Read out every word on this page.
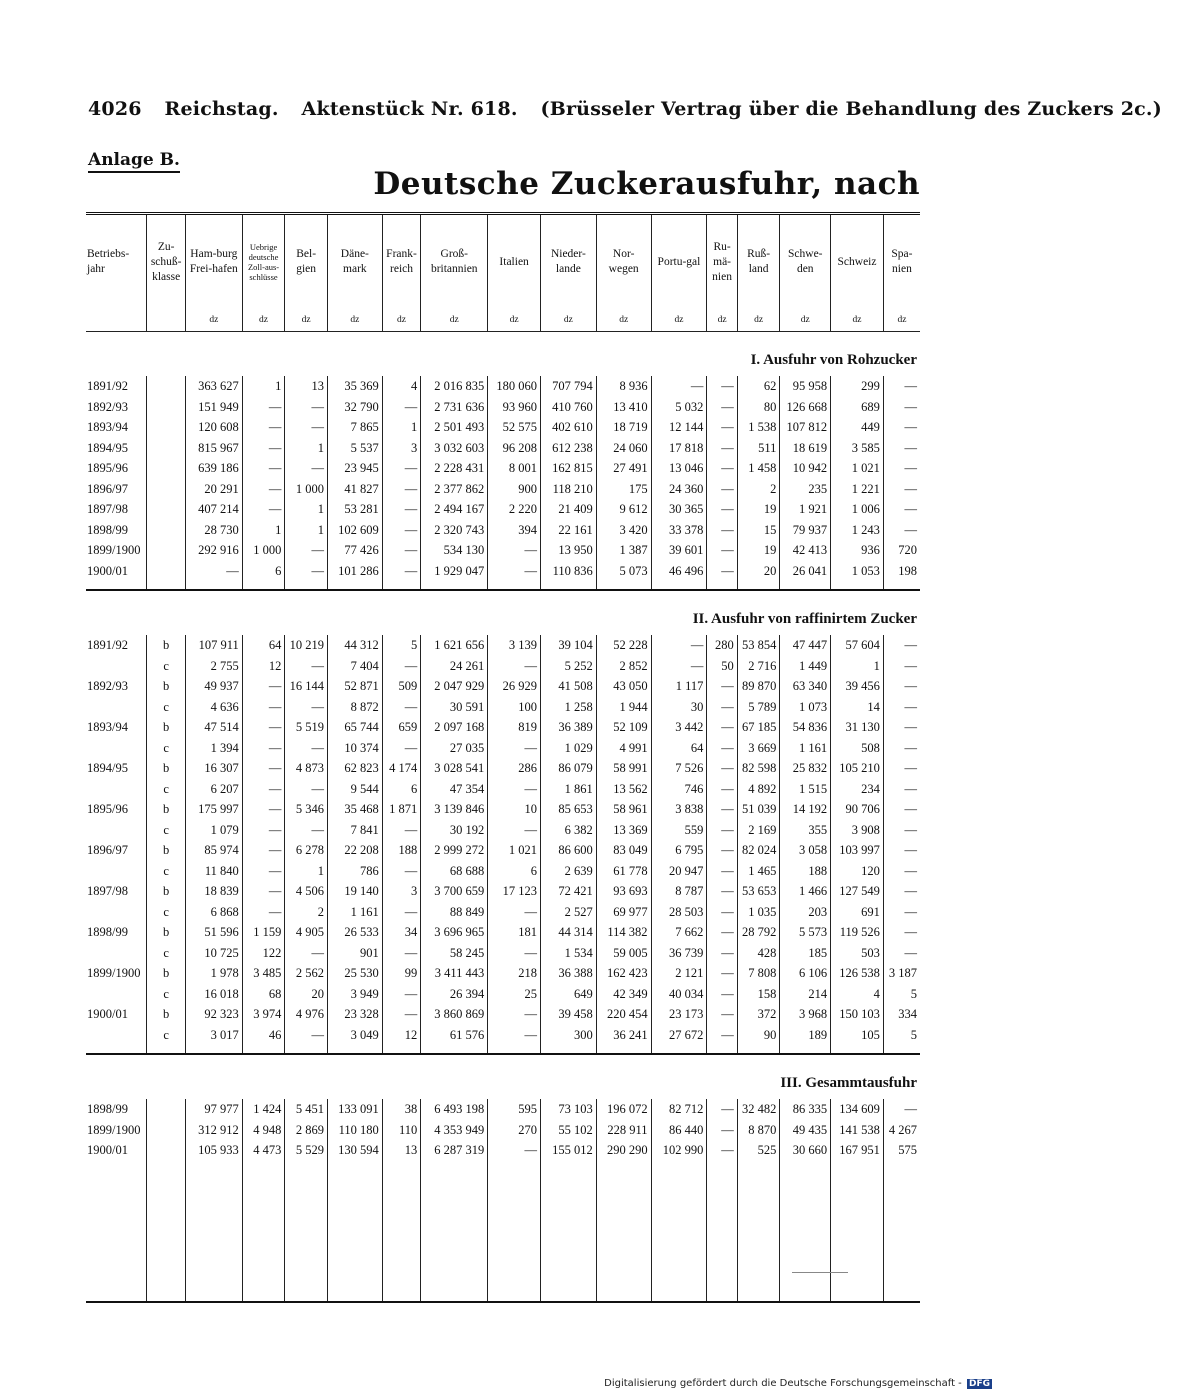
4026 Reichstag. Aktenstück Nr. 618. (Brüsseler Vertrag über die Behandlung des Zuckers 2c.)
Anlage B.
Deutsche Zuckerausfuhr, nach

Betriebs-jahr	Zu-schuß-klasse	Ham-burg Frei-hafen	Uebrige deutsche Zoll-aus-schlüsse	Bel-gien	Däne-mark	Frank-reich	Groß-britannien	Italien	Nieder-lande	Nor-wegen	Portu-gal	Ru-mä-nien	Ruß-land	Schwe-den	Schweiz	Spa-nien
		dz	dz	dz	dz	dz	dz	dz	dz	dz	dz	dz	dz	dz	dz	dz
I. Ausfuhr von Rohzucker																
1891/92		363 627	1	13	35 369	4	2 016 835	180 060	707 794	8 936	—	—	62	95 958	299	—
1892/93		151 949	—	—	32 790	—	2 731 636	93 960	410 760	13 410	5 032	—	80	126 668	689	—
1893/94		120 608	—	—	7 865	1	2 501 493	52 575	402 610	18 719	12 144	—	1 538	107 812	449	—
1894/95		815 967	—	1	5 537	3	3 032 603	96 208	612 238	24 060	17 818	—	511	18 619	3 585	—
1895/96		639 186	—	—	23 945	—	2 228 431	8 001	162 815	27 491	13 046	—	1 458	10 942	1 021	—
1896/97		20 291	—	1 000	41 827	—	2 377 862	900	118 210	175	24 360	—	2	235	1 221	—
1897/98		407 214	—	1	53 281	—	2 494 167	2 220	21 409	9 612	30 365	—	19	1 921	1 006	—
1898/99		28 730	1	1	102 609	—	2 320 743	394	22 161	3 420	33 378	—	15	79 937	1 243	—
1899/1900		292 916	1 000	—	77 426	—	534 130	—	13 950	1 387	39 601	—	19	42 413	936	720
1900/01		—	6	—	101 286	—	1 929 047	—	110 836	5 073	46 496	—	20	26 041	1 053	198

II. Ausfuhr von raffinirtem Zucker																
1891/92	b	107 911	64	10 219	44 312	5	1 621 656	3 139	39 104	52 228	—	280	53 854	47 447	57 604	—
	c	2 755	12	—	7 404	—	24 261	—	5 252	2 852	—	50	2 716	1 449	1	—
1892/93	b	49 937	—	16 144	52 871	509	2 047 929	26 929	41 508	43 050	1 117	—	89 870	63 340	39 456	—
	c	4 636	—	—	8 872	—	30 591	100	1 258	1 944	30	—	5 789	1 073	14	—
1893/94	b	47 514	—	5 519	65 744	659	2 097 168	819	36 389	52 109	3 442	—	67 185	54 836	31 130	—
	c	1 394	—	—	10 374	—	27 035	—	1 029	4 991	64	—	3 669	1 161	508	—
1894/95	b	16 307	—	4 873	62 823	4 174	3 028 541	286	86 079	58 991	7 526	—	82 598	25 832	105 210	—
	c	6 207	—	—	9 544	6	47 354	—	1 861	13 562	746	—	4 892	1 515	234	—
1895/96	b	175 997	—	5 346	35 468	1 871	3 139 846	10	85 653	58 961	3 838	—	51 039	14 192	90 706	—
	c	1 079	—	—	7 841	—	30 192	—	6 382	13 369	559	—	2 169	355	3 908	—
1896/97	b	85 974	—	6 278	22 208	188	2 999 272	1 021	86 600	83 049	6 795	—	82 024	3 058	103 997	—
	c	11 840	—	1	786	—	68 688	6	2 639	61 778	20 947	—	1 465	188	120	—
1897/98	b	18 839	—	4 506	19 140	3	3 700 659	17 123	72 421	93 693	8 787	—	53 653	1 466	127 549	—
	c	6 868	—	2	1 161	—	88 849	—	2 527	69 977	28 503	—	1 035	203	691	—
1898/99	b	51 596	1 159	4 905	26 533	34	3 696 965	181	44 314	114 382	7 662	—	28 792	5 573	119 526	—
	c	10 725	122	—	901	—	58 245	—	1 534	59 005	36 739	—	428	185	503	—
1899/1900	b	1 978	3 485	2 562	25 530	99	3 411 443	218	36 388	162 423	2 121	—	7 808	6 106	126 538	3 187
	c	16 018	68	20	3 949	—	26 394	25	649	42 349	40 034	—	158	214	4	5
1900/01	b	92 323	3 974	4 976	23 328	—	3 860 869	—	39 458	220 454	23 173	—	372	3 968	150 103	334
	c	3 017	46	—	3 049	12	61 576	—	300	36 241	27 672	—	90	189	105	5

III. Gesammtausfuhr																
1898/99		97 977	1 424	5 451	133 091	38	6 493 198	595	73 103	196 072	82 712	—	32 482	86 335	134 609	—
1899/1900		312 912	4 948	2 869	110 180	110	4 353 949	270	55 102	228 911	86 440	—	8 870	49 435	141 538	4 267
1900/01		105 933	4 473	5 529	130 594	13	6 287 319	—	155 012	290 290	102 990	—	525	30 660	167 951	575

Digitalisierung gefördert durch die Deutsche Forschungsgemeinschaft - DFG
